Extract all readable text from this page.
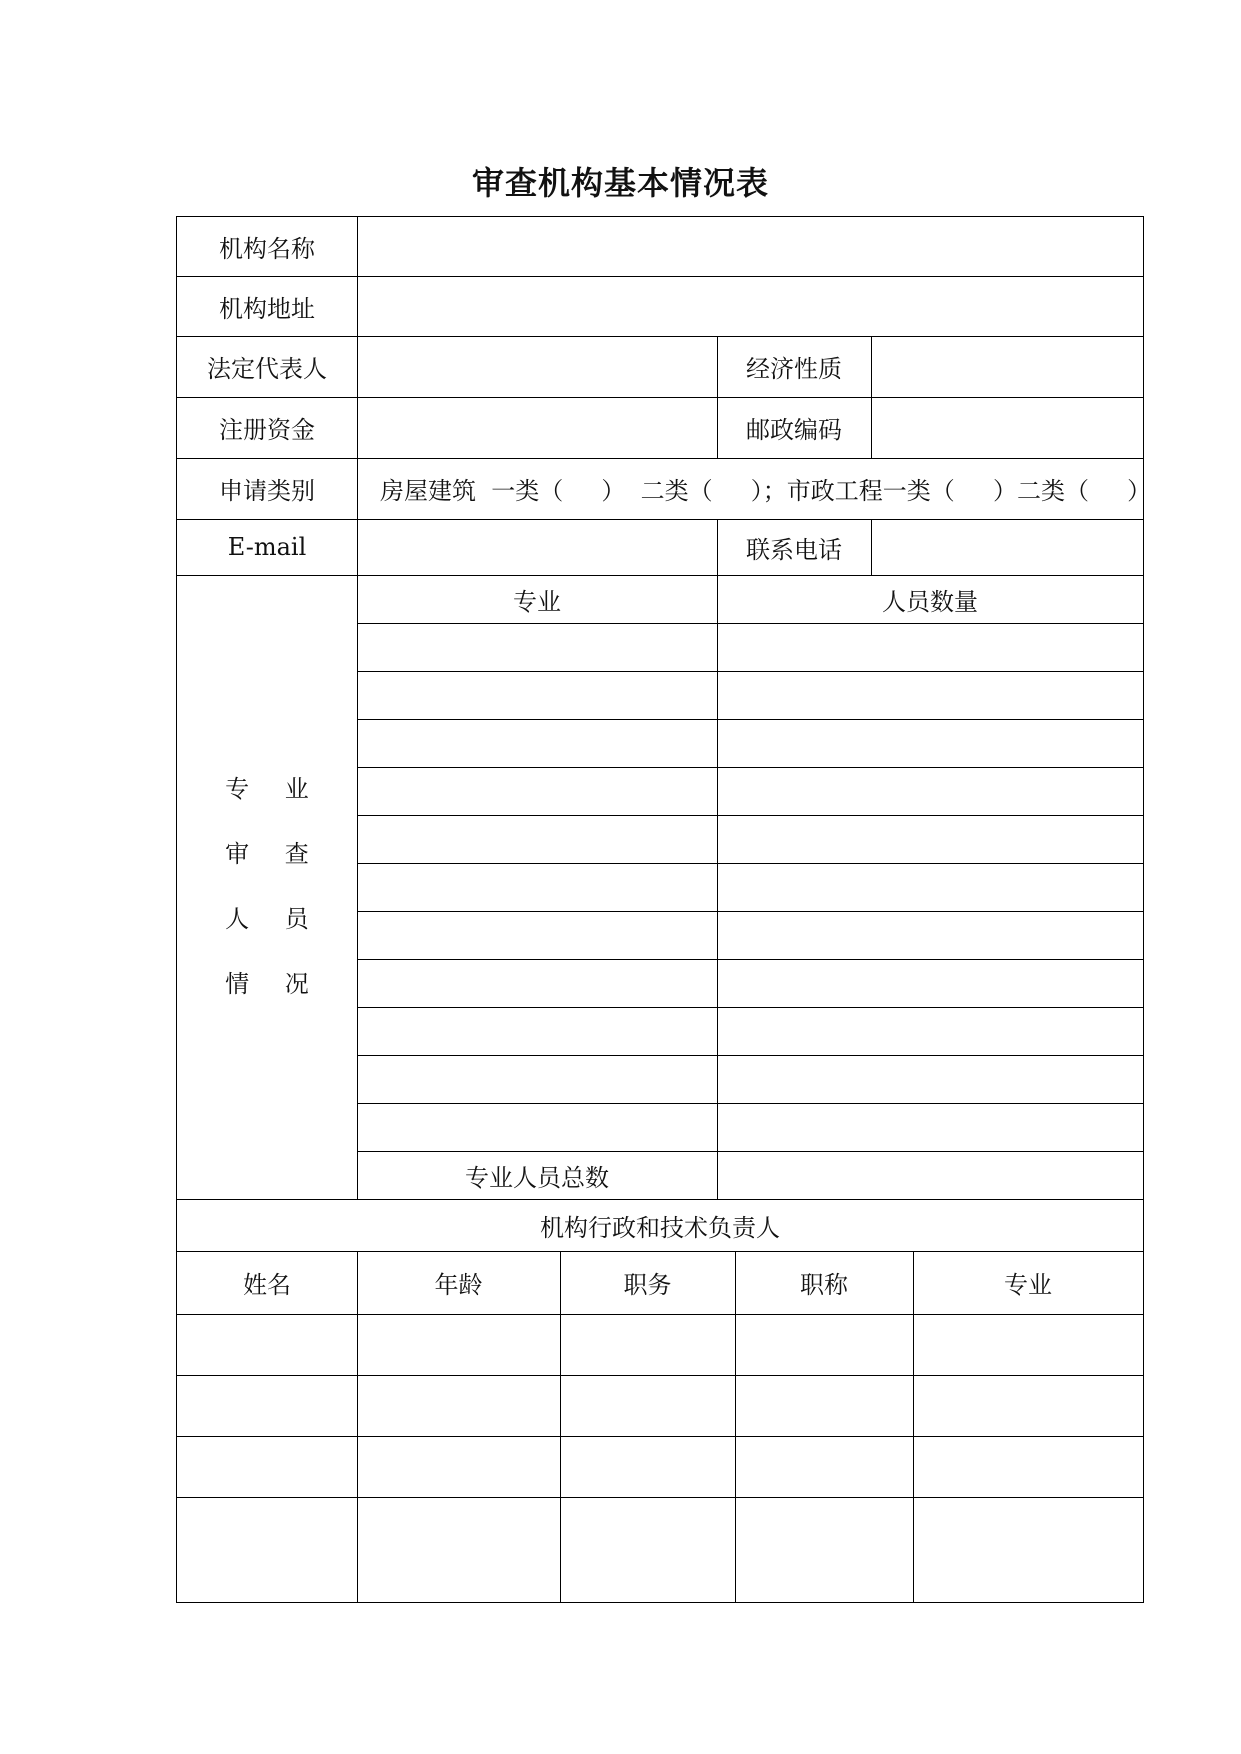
审查机构基本情况表
机构名称
机构地址
法定代表人	经济性质
注册资金	邮政编码
申请类别	房屋建筑  一类（     ）  二类（     ）；市政工程一类（     ）二类（     ）
E-mail	联系电话
专 业
审 查
人 员
情 况
专业	人员数量
专业人员总数
机构行政和技术负责人
姓名	年龄	职务	职称	专业
